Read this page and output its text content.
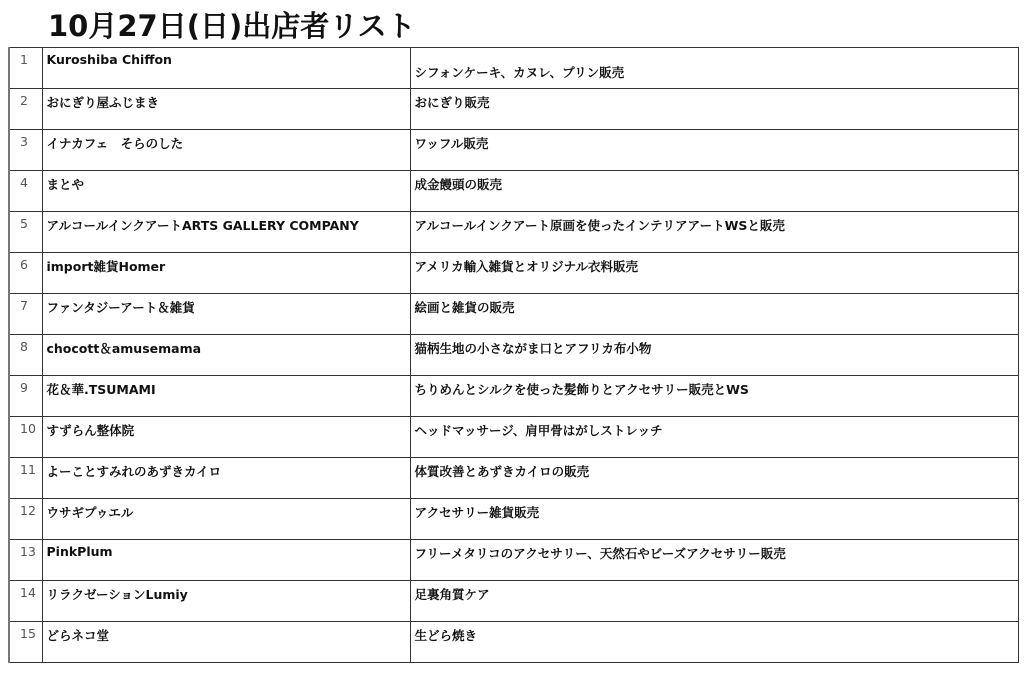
10月27日(日)出店者リスト
1	Kuroshiba Chiffon	シフォンケーキ、カヌレ、プリン販売

2	おにぎり屋ふじまき	おにぎり販売

3	イナカフェ　そらのした	ワッフル販売

4	まとや	成金饅頭の販売

5	アルコールインクアートARTS GALLERY COMPANY	アルコールインクアート原画を使ったインテリアアートWSと販売

6	import雑貨Homer	アメリカ輸入雑貨とオリジナル衣料販売

7	ファンタジーアート＆雑貨	絵画と雑貨の販売

8	chocott＆amusemama	猫柄生地の小さながま口とアフリカ布小物

9	花＆華.TSUMAMI	ちりめんとシルクを使った髪飾りとアクセサリー販売とWS

10	すずらん整体院	ヘッドマッサージ、肩甲骨はがしストレッチ

11	よーことすみれのあずきカイロ	体質改善とあずきカイロの販売

12	ウサギプゥエル	アクセサリー雑貨販売

13	PinkPlum	フリーメタリコのアクセサリー、天然石やビーズアクセサリー販売

14	リラクゼーションLumiy	足裏角質ケア

15	どらネコ堂	生どら焼き
